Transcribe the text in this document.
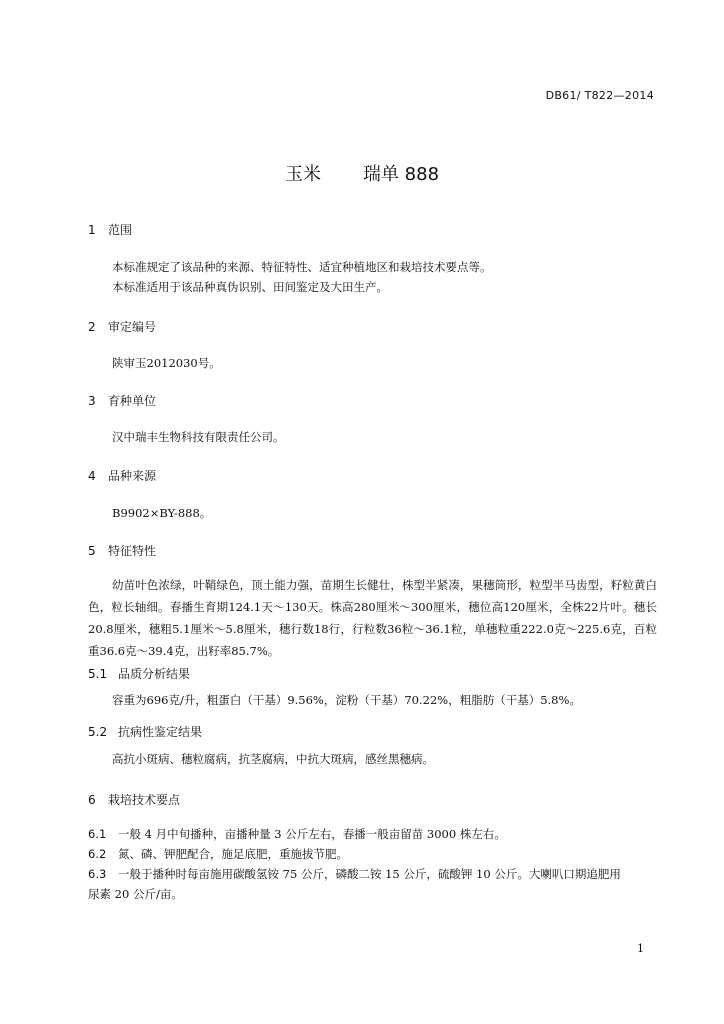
DB61/ T822—2014
玉米 瑞单 888
1 范围
本标准规定了该品种的来源、特征特性、适宜种植地区和栽培技术要点等。
本标准适用于该品种真伪识别、田间鉴定及大田生产。
2 审定编号
陕审玉2012030号。
3 育种单位
汉中瑞丰生物科技有限责任公司。
4 品种来源
B9902×BY-888。
5 特征特性
幼苗叶色浓绿，叶鞘绿色，顶土能力强，苗期生长健壮，株型半紧凑，果穗筒形，粒型半马齿型，籽粒黄白色，粒长轴细。春播生育期124.1天～130天。株高280厘米～300厘米，穗位高120厘米，全株22片叶。穗长20.8厘米，穗粗5.1厘米～5.8厘米，穗行数18行，行粒数36粒～36.1粒，单穗粒重222.0克～225.6克，百粒重36.6克～39.4克，出籽率85.7%。
5.1 品质分析结果
容重为696克/升，粗蛋白（干基）9.56%，淀粉（干基）70.22%，粗脂肪（干基）5.8%。
5.2 抗病性鉴定结果
高抗小斑病、穗粒腐病，抗茎腐病，中抗大斑病，感丝黑穗病。
6 栽培技术要点
6.1 一般 4 月中旬播种，亩播种量 3 公斤左右，春播一般亩留苗 3000 株左右。
6.2 氮、磷、钾肥配合，施足底肥，重施拔节肥。
6.3 一般于播种时每亩施用碳酸氢铵 75 公斤，磷酸二铵 15 公斤，硫酸钾 10 公斤。大喇叭口期追肥用
尿素 20 公斤/亩。
1
